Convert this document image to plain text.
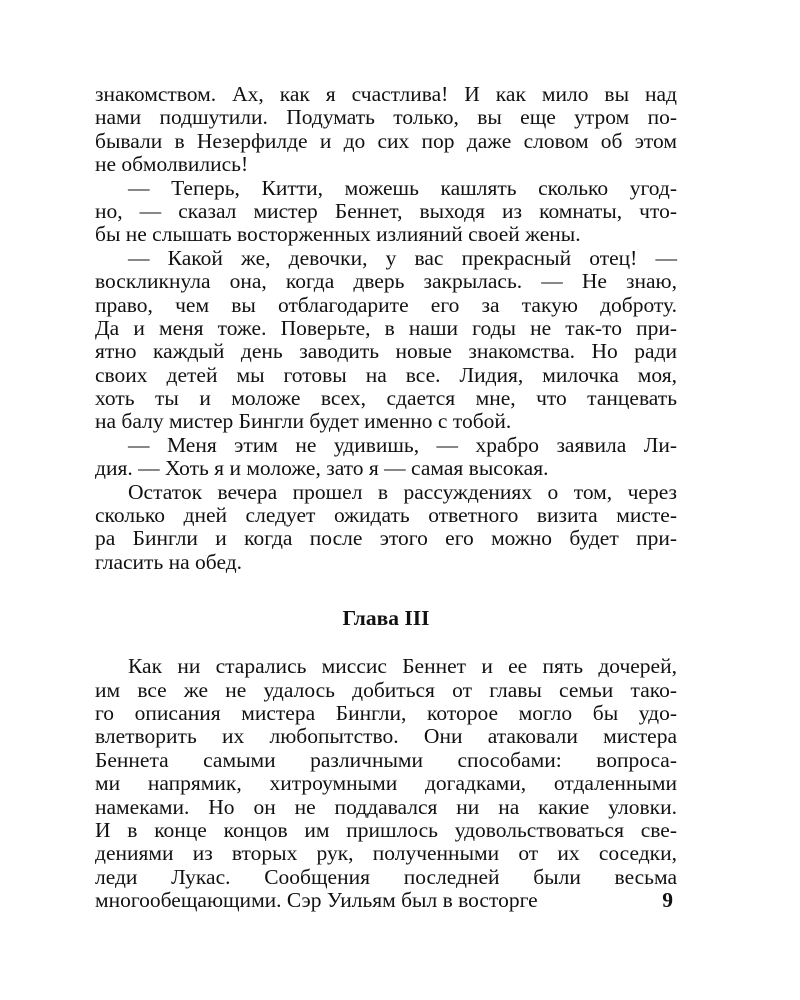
знакомством. Ах, как я счастлива! И как мило вы над
нами подшутили. Подумать только, вы еще утром по-
бывали в Незерфилде и до сих пор даже словом об этом
не обмолвились!
— Теперь, Китти, можешь кашлять сколько угод-
но, — сказал мистер Беннет, выходя из комнаты, что-
бы не слышать восторженных излияний своей жены.
— Какой же, девочки, у вас прекрасный отец! —
воскликнула она, когда дверь закрылась. — Не знаю,
право, чем вы отблагодарите его за такую доброту.
Да и меня тоже. Поверьте, в наши годы не так-то при-
ятно каждый день заводить новые знакомства. Но ради
своих детей мы готовы на все. Лидия, милочка моя,
хоть ты и моложе всех, сдается мне, что танцевать
на балу мистер Бингли будет именно с тобой.
— Меня этим не удивишь, — храбро заявила Ли-
дия. — Хоть я и моложе, зато я — самая высокая.
Остаток вечера прошел в рассуждениях о том, через
сколько дней следует ожидать ответного визита мисте-
ра Бингли и когда после этого его можно будет при-
гласить на обед.
Глава III
Как ни старались миссис Беннет и ее пять дочерей,
им все же не удалось добиться от главы семьи тако-
го описания мистера Бингли, которое могло бы удо-
влетворить их любопытство. Они атаковали мистера
Беннета самыми различными способами: вопроса-
ми напрямик, хитроумными догадками, отдаленными
намеками. Но он не поддавался ни на какие уловки.
И в конце концов им пришлось удовольствоваться све-
дениями из вторых рук, полученными от их соседки,
леди Лукас. Сообщения последней были весьма
многообещающими. Сэр Уильям был в восторге	9
